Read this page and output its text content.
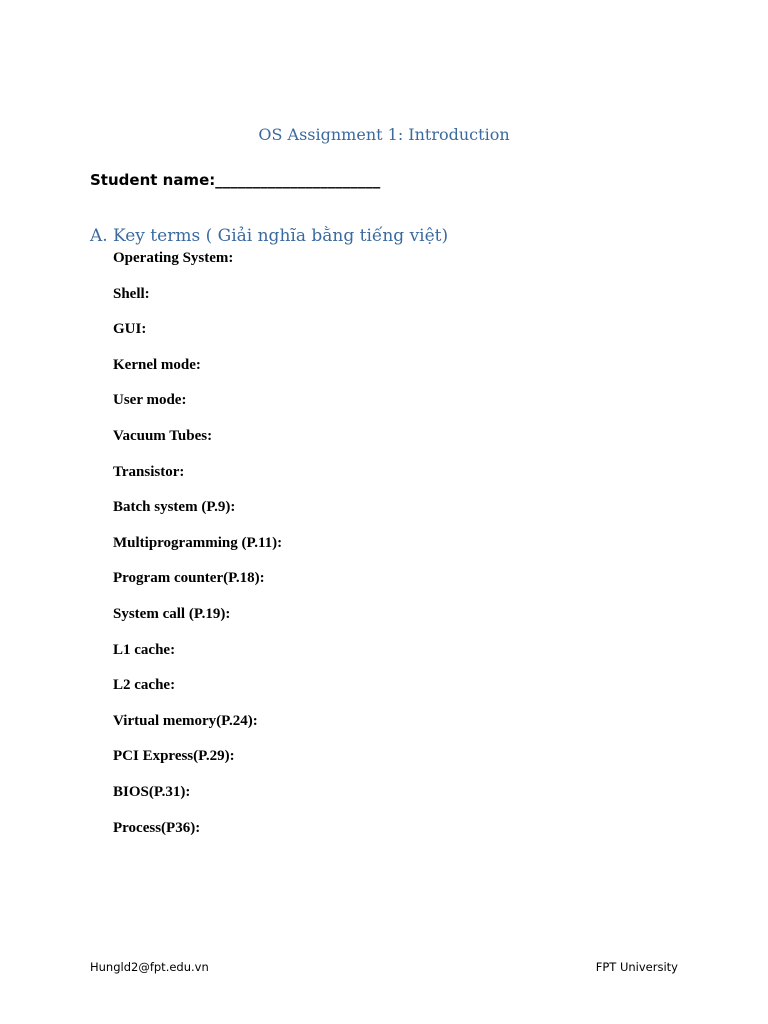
OS Assignment 1: Introduction
Student name:______________________
A. Key terms ( Giải nghĩa bằng tiếng việt)
Operating System:
Shell:
GUI:
Kernel mode:
User mode:
Vacuum Tubes:
Transistor:
Batch system (P.9):
Multiprogramming (P.11):
Program counter(P.18):
System call (P.19):
L1 cache:
L2 cache:
Virtual memory(P.24):
PCI Express(P.29):
BIOS(P.31):
Process(P36):
Hungld2@fpt.edu.vn	FPT University
